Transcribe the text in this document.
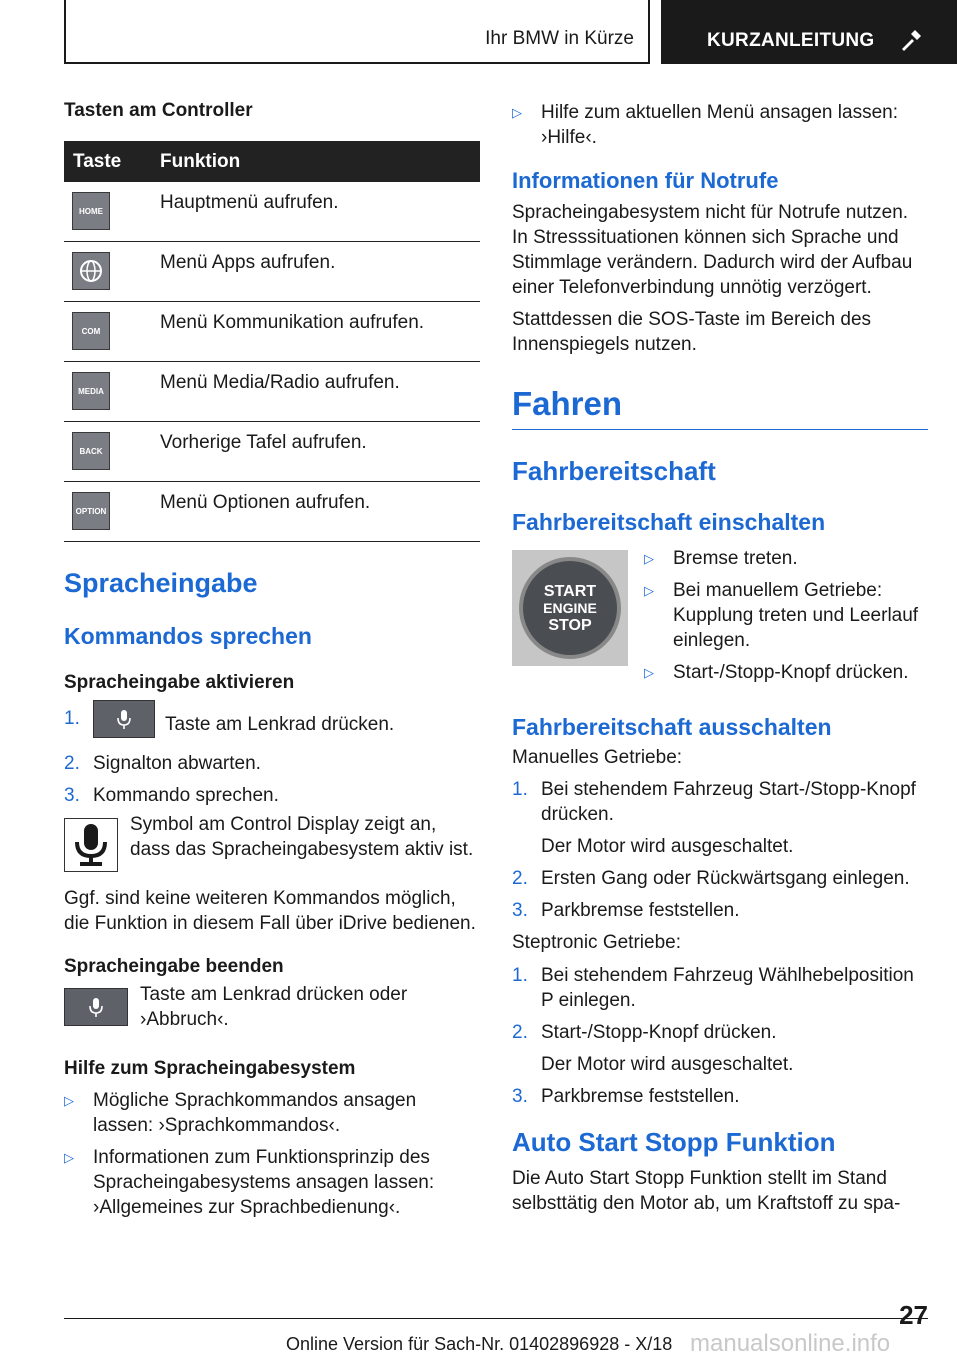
Ihr BMW in Kürze	KURZANLEITUNG
Tasten am Controller
Taste	Funktion

HOME	Hauptmenü aufrufen.

	Menü Apps aufrufen.

COM	Menü Kommunikation aufrufen.

MEDIA	Menü Media/Radio aufrufen.

BACK	Vorherige Tafel aufrufen.

OPTION	Menü Optionen aufrufen.
Spracheingabe
Kommandos sprechen
Spracheingabe aktivieren
1.	Taste am Lenkrad drücken.
2. Signalton abwarten.
3. Kommando sprechen.

Symbol am Control Display zeigt an, dass das Spracheingabesystem aktiv ist.

Ggf. sind keine weiteren Kommandos möglich, die Funktion in diesem Fall über iDrive bedienen.

Spracheingabe beenden

Taste am Lenkrad drücken oder ›Abbruch‹.

Hilfe zum Spracheingabesystem
▷ Mögliche Sprachkommandos ansagen lassen: ›Sprachkommandos‹.
▷ Informationen zum Funktionsprinzip des Spracheingabesystems ansagen lassen: ›Allgemeines zur Sprachbedienung‹.
▷ Hilfe zum aktuellen Menü ansagen lassen: ›Hilfe‹.
Informationen für Notrufe

Spracheingabesystem nicht für Notrufe nutzen. In Stresssituationen können sich Sprache und Stimmlage verändern. Dadurch wird der Aufbau einer Telefonverbindung unnötig verzögert.

Stattdessen die SOS-Taste im Bereich des Innenspiegels nutzen.

Fahren
Fahrbereitschaft
Fahrbereitschaft einschalten
START
ENGINE
STOP
▷ Bremse treten.
▷ Bei manuellem Getriebe: Kupplung treten und Leerlauf einlegen.
▷ Start-/Stopp-Knopf drücken.
Fahrbereitschaft ausschalten

Manuelles Getriebe:

1. Bei stehendem Fahrzeug Start-/Stopp-Knopf drücken.
Der Motor wird ausgeschaltet.
2. Ersten Gang oder Rückwärtsgang einlegen.
3. Parkbremse feststellen.

Steptronic Getriebe:

1. Bei stehendem Fahrzeug Wählhebelposition P einlegen.
2. Start-/Stopp-Knopf drücken.
Der Motor wird ausgeschaltet.
3. Parkbremse feststellen.
Auto Start Stopp Funktion

Die Auto Start Stopp Funktion stellt im Stand selbsttätig den Motor ab, um Kraftstoff zu spa-

27
Online Version für Sach-Nr. 01402896928 - X/18 manualsonline.info
